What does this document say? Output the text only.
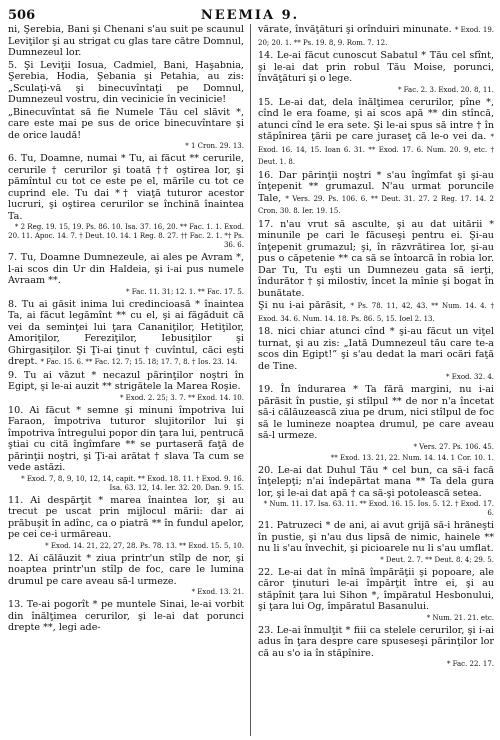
506	NEEMIA 9.

ni, Şerebia, Bani şi Chenani s'au suit pe scaunul Leviţilor şi au strigat cu glas tare către Domnul, Dumnezeul lor.

5. Şi Leviţii Iosua, Cadmiel, Bani, Haşabnia, Şerebia, Hodia, Şebania şi Petahia, au zis: „Sculaţi-vă şi binecuvîntaţi pe Domnul, Dumnezeul vostru, din vecinicie în vecinicie!

„Binecuvîntat să fie Numele Tău cel slăvit *, care este mai pe sus de orice binecuvîntare şi de orice laudă!

* 1 Cron. 29. 13.

6. Tu, Doamne, numai * Tu, ai făcut ** cerurile, cerurile † cerurilor şi toată †† oştirea lor, şi pămîntul cu tot ce este pe el, mările cu tot ce cuprind ele. Tu dai *† viaţă tuturor acestor lucruri, şi oştirea cerurilor se închină înaintea Ta.

* 2 Reg. 19. 15, 19. Ps. 86. 10. Isa. 37. 16, 20. ** Fac. 1. 1. Exod. 20. 11. Apoc. 14. 7. † Deut. 10. 14. 1 Reg. 8. 27. †† Fac. 2. 1. *† Ps. 36. 6.

7. Tu, Doamne Dumnezeule, ai ales pe Avram *, l-ai scos din Ur din Haldeia, şi i-ai pus numele Avraam **.

* Fac. 11. 31; 12. 1. ** Fac. 17. 5.

8. Tu ai găsit inima lui credincioasă * înaintea Ta, ai făcut legămînt ** cu el, şi ai făgăduit că vei da seminţei lui ţara Cananiţilor, Hetiţilor, Amoriţilor, Fereziţilor, Iebusiţilor şi Ghirgasiţilor. Şi Ţi-ai ţinut † cuvîntul, căci eşti drept. * Fac. 15. 6. ** Fac. 12. 7; 15. 18; 17. 7, 8. † Ios. 23. 14.

9. Tu ai văzut * necazul părinţilor noştri în Egipt, şi le-ai auzit ** strigătele la Marea Roşie.

* Exod. 2. 25; 3. 7. ** Exod. 14. 10.

10. Ai făcut * semne şi minuni împotriva lui Faraon, împotriva tuturor slujitorilor lui şi împotriva întregului popor din ţara lui, pentrucă ştiai cu cită îngîmfare ** se purtaseră faţă de părinţii noştri, şi Ţi-ai arătat † slava Ta cum se vede astăzi.

* Exod. 7, 8, 9, 10, 12, 14, capit. ** Exod. 18. 11. † Exod. 9. 16. Isa. 63. 12, 14. Ier. 32. 20. Dan. 9. 15.

11. Ai despărţit * marea înaintea lor, şi au trecut pe uscat prin mijlocul mării: dar ai prăbuşit în adînc, ca o piatră ** în fundul apelor, pe cei ce-i urmăreau.

* Exod. 14. 21, 22, 27, 28. Ps. 78. 13. ** Exod. 15. 5, 10.

12. Ai călăuzit * ziua printr'un stîlp de nor, şi noaptea printr'un stîlp de foc, care le lumina drumul pe care aveau să-l urmeze.

* Exod. 13. 21.

13. Te-ai pogorît * pe muntele Sinai, le-ai vorbit din înălţimea cerurilor, şi le-ai dat porunci drepte **, legi ade-

vărate, învăţături şi orînduiri minunate. * Exod. 19. 20; 20. 1. ** Ps. 19. 8, 9. Rom. 7. 12.

14. Le-ai făcut cunoscut Sabatul * Tău cel sfînt, şi le-ai dat prin robul Tău Moise, porunci, învăţături şi o lege.

* Fac. 2. 3. Exod. 20. 8, 11.

15. Le-ai dat, dela înălţimea cerurilor, pîne *, cînd le era foame, şi ai scos apă ** din stîncă, atunci cînd le era sete. Şi le-ai spus să intre † în stăpînirea ţării pe care juraseţ că le-o vei da. * Exod. 16. 14, 15. Ioan 6. 31. ** Exod. 17. 6. Num. 20. 9, etc. † Deut. 1. 8.

16. Dar părinţii noştri * s'au îngîmfat şi şi-au înţepenit ** grumazul. N'au urmat poruncile Tale, * Vers. 29. Ps. 106. 6. ** Deut. 31. 27. 2 Reg. 17. 14. 2 Cron. 30. 8. Ier. 19. 15.

17. n'au vrut să asculte, şi au dat uitării * minunile pe cari le făcuseşi pentru ei. Şi-au înţepenit grumazul; şi, în răzvrătirea lor, şi-au pus o căpetenie ** ca să se întoarcă în robia lor. Dar Tu, Tu eşti un Dumnezeu gata să ierţi, îndurător † şi milostiv, încet la mînie şi bogat în bunătate.

Şi nu i-ai părăsit, * Ps. 78. 11, 42, 43. ** Num. 14. 4. † Exod. 34. 6. Num. 14. 18. Ps. 86. 5, 15. Ioel 2. 13.

18. nici chiar atunci cînd * şi-au făcut un viţel turnat, şi au zis: „Iată Dumnezeul tău care te-a scos din Egipt!” şi s'au dedat la mari ocări faţă de Tine.

* Exod. 32. 4.

19. În îndurarea * Ta fără margini, nu i-ai părăsit în pustie, şi stîlpul ** de nor n'a încetat să-i călăuzească ziua pe drum, nici stîlpul de foc să le lumineze noaptea drumul, pe care aveau să-l urmeze.

* Vers. 27. Ps. 106. 45.
** Exod. 13. 21, 22. Num. 14. 14. 1 Cor. 10. 1.

20. Le-ai dat Duhul Tău * cel bun, ca să-i facă înţelepţi; n'ai îndepărtat mana ** Ta dela gura lor, şi le-ai dat apă † ca să-şi potolească setea.

* Num. 11. 17. Isa. 63. 11. ** Exod. 16. 15. Ios. 5. 12. † Exod. 17. 6.

21. Patruzeci * de ani, ai avut grijă să-i hrăneşti în pustie, şi n'au dus lipsă de nimic, hainele ** nu li s'au învechit, şi picioarele nu li s'au umflat.

* Deut. 2. 7. ** Deut. 8. 4; 29. 5.

22. Le-ai dat în mînă împărăţii şi popoare, ale căror ţinuturi le-ai împărţit între ei, şi au stăpînit ţara lui Sihon *, împăratul Hesbonului, şi ţara lui Og, împăratul Basanului.

* Num. 21. 21. etc.

23. Le-ai înmulţit * fiii ca stelele cerurilor, şi i-ai adus în ţara despre care spuseseşi părinţilor lor că au s'o ia în stăpînire.

* Fac. 22. 17.
